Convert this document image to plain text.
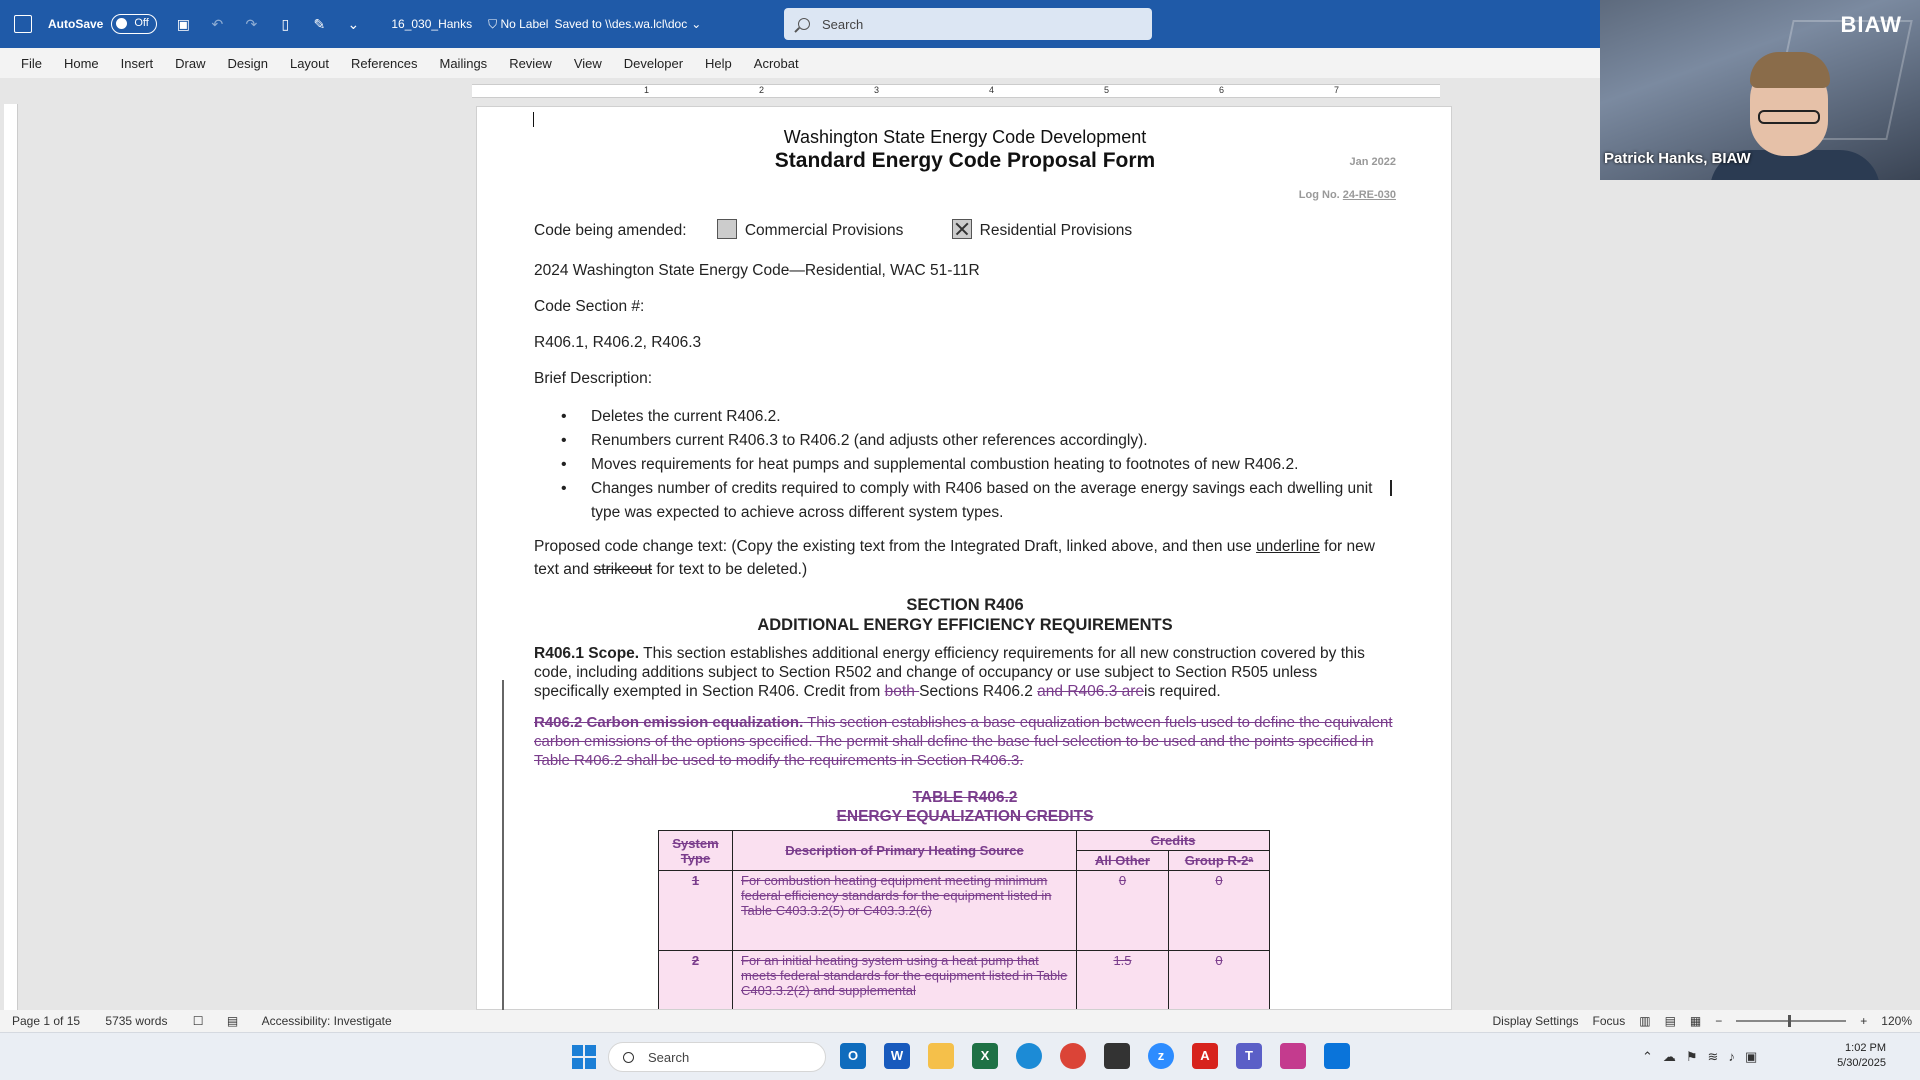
AutoSave	Off	▣ ↶ ↷ ▯ ✎ ⌄	16_030_Hanks ⛉ No Label Saved to \\des.wa.lcl\doc ⌄	Search
File Home Insert Draw Design Layout References Mailings Review View Developer Help Acrobat
1	2	3	4	5	6	7
Washington State Energy Code Development
Standard Energy Code Proposal Form	Jan 2022
Log No. 24-RE-030
Code being amended:	Commercial Provisions	Residential Provisions
2024 Washington State Energy Code—Residential, WAC 51-11R
Code Section #:
R406.1, R406.2, R406.3
Brief Description:
• Deletes the current R406.2.
• Renumbers current R406.3 to R406.2 (and adjusts other references accordingly).
• Moves requirements for heat pumps and supplemental combustion heating to footnotes of new R406.2.
• Changes number of credits required to comply with R406 based on the average energy savings each dwelling unit type was expected to achieve across different system types.
Proposed code change text: (Copy the existing text from the Integrated Draft, linked above, and then use underline for new text and strikeout for text to be deleted.)
SECTION R406
ADDITIONAL ENERGY EFFICIENCY REQUIREMENTS
R406.1 Scope. This section establishes additional energy efficiency requirements for all new construction covered by this code, including additions subject to Section R502 and change of occupancy or use subject to Section R505 unless specifically exempted in Section R406. Credit from both Sections R406.2 and R406.3 areis required.
R406.2 Carbon emission equalization. This section establishes a base equalization between fuels used to define the equivalent carbon emissions of the options specified. The permit shall define the base fuel selection to be used and the points specified in Table R406.2 shall be used to modify the requirements in Section R406.3.
TABLE R406.2
ENERGY EQUALIZATION CREDITS
System Type	Description of Primary Heating Source	Credits	
		All Other	Group R-2ᵃ
1	For combustion heating equipment meeting minimum federal efficiency standards for the equipment listed in Table C403.3.2(5) or C403.3.2(6)	0	0
2	For an initial heating system using a heat pump that meets federal standards for the equipment listed in Table C403.3.2(2) and supplemental	1.5	0
BIAW
Patrick Hanks, BIAW
Page 1 of 15 5735 words ☐ ▤ Accessibility: Investigate	Display Settings Focus ▥ ▤ ▦ −	+ 120%
Search	O	W	X	z	A	T	⌃☁⚑≋♪▣
1:02 PM
5/30/2025
